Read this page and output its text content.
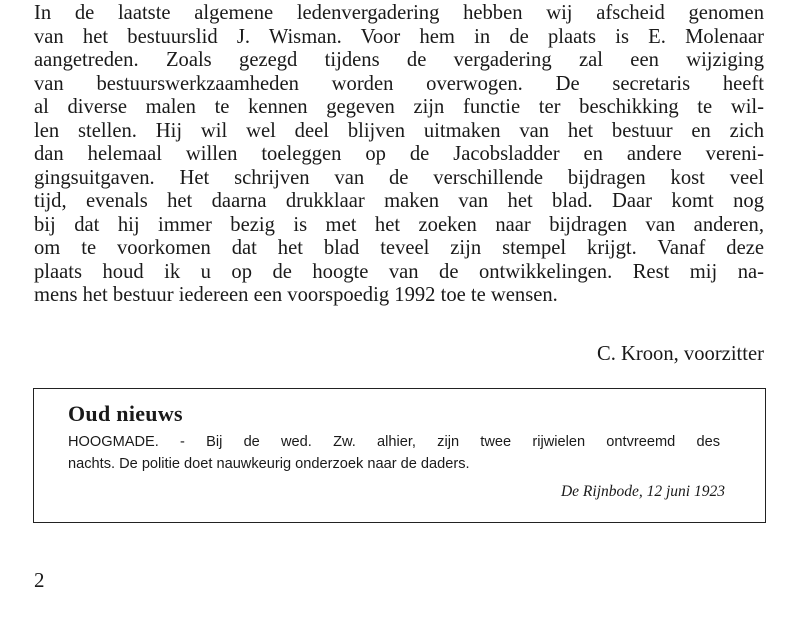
In de laatste algemene ledenvergadering hebben wij afscheid genomen
van het bestuurslid J. Wisman. Voor hem in de plaats is E. Molenaar
aangetreden. Zoals gezegd tijdens de vergadering zal een wijziging
van bestuurswerkzaamheden worden overwogen. De secretaris heeft
al diverse malen te kennen gegeven zijn functie ter beschikking te wil-
len stellen. Hij wil wel deel blijven uitmaken van het bestuur en zich
dan helemaal willen toeleggen op de Jacobsladder en andere vereni-
gingsuitgaven. Het schrijven van de verschillende bijdragen kost veel
tijd, evenals het daarna drukklaar maken van het blad. Daar komt nog
bij dat hij immer bezig is met het zoeken naar bijdragen van anderen,
om te voorkomen dat het blad teveel zijn stempel krijgt. Vanaf deze
plaats houd ik u op de hoogte van de ontwikkelingen. Rest mij na-
mens het bestuur iedereen een voorspoedig 1992 toe te wensen.
C. Kroon, voorzitter
Oud nieuws
HOOGMADE. - Bij de wed. Zw. alhier, zijn twee rijwielen ontvreemd des
nachts. De politie doet nauwkeurig onderzoek naar de daders.
De Rijnbode, 12 juni 1923
2
